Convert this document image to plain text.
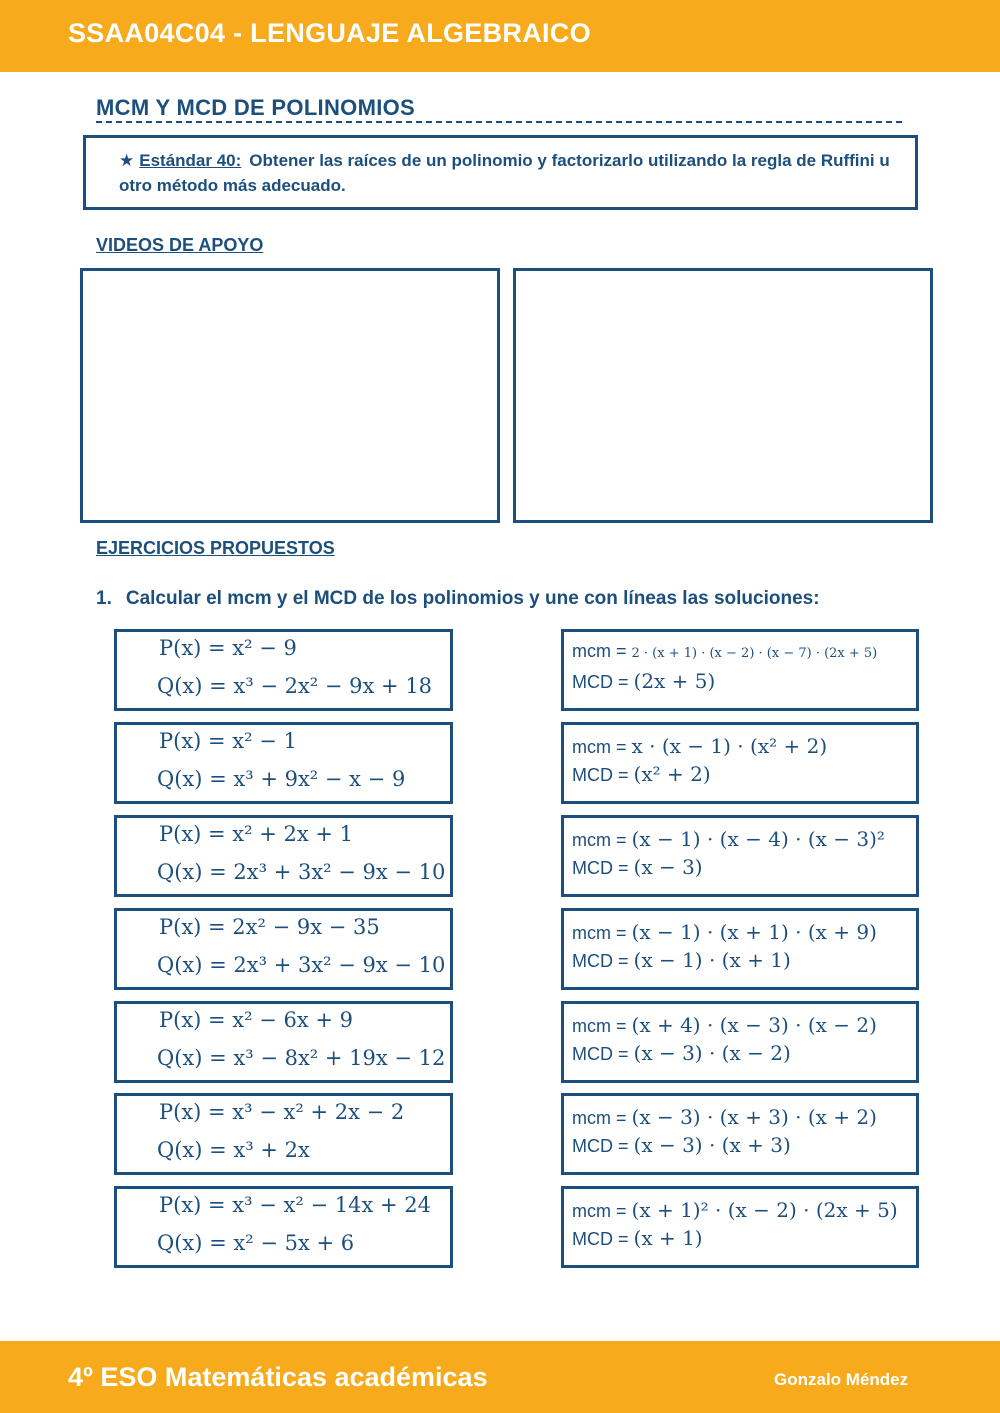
SSAA04C04 - LENGUAJE ALGEBRAICO
MCM Y MCD DE POLINOMIOS
★ Estándar 40: Obtener las raíces de un polinomio y factorizarlo utilizando la regla de Ruffini u otro método más adecuado.
VIDEOS DE APOYO
EJERCICIOS PROPUESTOS
1. Calcular el mcm y el MCD de los polinomios y une con líneas las soluciones:
P(x) = x² − 9
Q(x) = x³ − 2x² − 9x + 18
P(x) = x² − 1
Q(x) = x³ + 9x² − x − 9
P(x) = x² + 2x + 1
Q(x) = 2x³ + 3x² − 9x − 10
P(x) = 2x² − 9x − 35
Q(x) = 2x³ + 3x² − 9x − 10
P(x) = x² − 6x + 9
Q(x) = x³ − 8x² + 19x − 12
P(x) = x³ − x² + 2x − 2
Q(x) = x³ + 2x
P(x) = x³ − x² − 14x + 24
Q(x) = x² − 5x + 6
mcm = 2 · (x + 1) · (x − 2) · (x − 7) · (2x + 5)
MCD = (2x + 5)
mcm = x · (x − 1) · (x² + 2)
MCD = (x² + 2)
mcm = (x − 1) · (x − 4) · (x − 3)²
MCD = (x − 3)
mcm = (x − 1) · (x + 1) · (x + 9)
MCD = (x − 1) · (x + 1)
mcm = (x + 4) · (x − 3) · (x − 2)
MCD = (x − 3) · (x − 2)
mcm = (x − 3) · (x + 3) · (x + 2)
MCD = (x − 3) · (x + 3)
mcm = (x + 1)² · (x − 2) · (2x + 5)
MCD = (x + 1)
4º ESO Matemáticas académicas	Gonzalo Méndez
